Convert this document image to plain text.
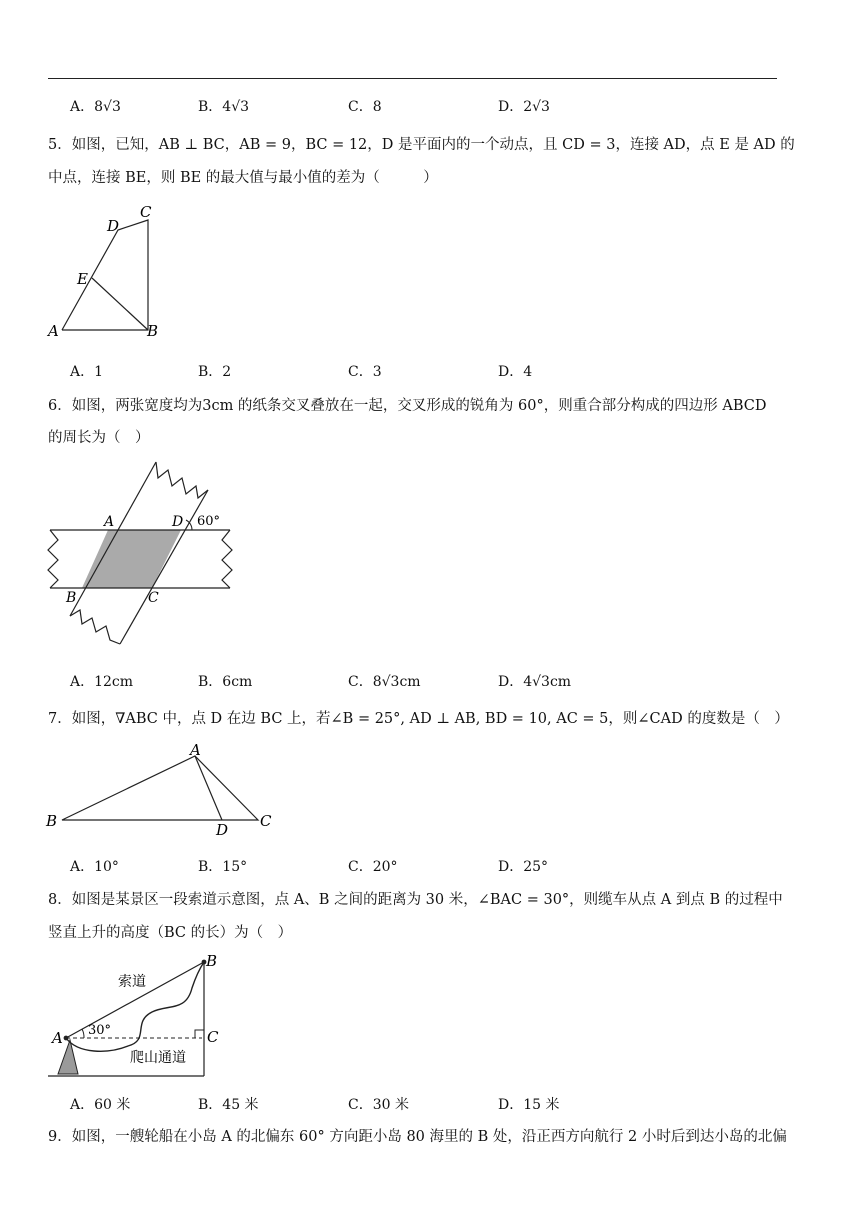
A．8√3	B．4√3	C．8	D．2√3
5．如图，已知，AB ⊥ BC，AB = 9，BC = 12，D 是平面内的一个动点，且 CD = 3，连接 AD，点 E 是 AD 的
中点，连接 BE，则 BE 的最大值与最小值的差为（　　　）
A	B
C
D
E
A．1	B．2	C．3	D．4
6．如图，两张宽度均为3cm 的纸条交叉叠放在一起，交叉形成的锐角为 60°，则重合部分构成的四边形 ABCD
的周长为（　）
A
B	C
D 60°
A．12cm	B．6cm	C．8√3cm	D．4√3cm
7．如图，∇ABC 中，点 D 在边 BC 上，若∠B = 25°, AD ⊥ AB, BD = 10, AC = 5，则∠CAD 的度数是（　）
A
B	C
D
A．10°	B．15°	C．20°	D．25°
8．如图是某景区一段索道示意图，点 A、B 之间的距离为 30 米，∠BAC = 30°，则缆车从点 A 到点 B 的过程中
竖直上升的高度（BC 的长）为（　）
A
B
C
30°
索道
爬山通道
A．60 米	B．45 米	C．30 米	D．15 米
9．如图，一艘轮船在小岛 A 的北偏东 60° 方向距小岛 80 海里的 B 处，沿正西方向航行 2 小时后到达小岛的北偏
